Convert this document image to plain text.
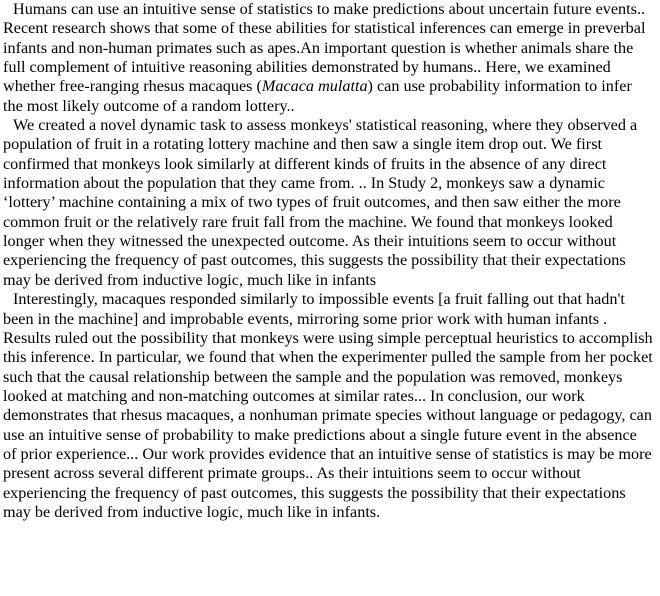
Humans can use an intuitive sense of statistics to make predictions about uncertain future events.. Recent research shows that some of these abilities for statistical inferences can emerge in preverbal infants and non-human primates such as apes.An important question is whether animals share the full complement of intuitive reasoning abilities demonstrated by humans.. Here, we examined whether free-ranging rhesus macaques (Macaca mulatta) can use probability information to infer the most likely outcome of a random lottery..

We created a novel dynamic task to assess monkeys' statistical reasoning, where they observed a population of fruit in a rotating lottery machine and then saw a single item drop out. We first confirmed that monkeys look similarly at different kinds of fruits in the absence of any direct information about the population that they came from. .. In Study 2, monkeys saw a dynamic ‘lottery’ machine containing a mix of two types of fruit outcomes, and then saw either the more common fruit or the relatively rare fruit fall from the machine. We found that monkeys looked longer when they witnessed the unexpected outcome. As their intuitions seem to occur without experiencing the frequency of past outcomes, this suggests the possibility that their expectations may be derived from inductive logic, much like in infants

Interestingly, macaques responded similarly to impossible events [a fruit falling out that hadn't been in the machine] and improbable events, mirroring some prior work with human infants . Results ruled out the possibility that monkeys were using simple perceptual heuristics to accomplish this inference. In particular, we found that when the experimenter pulled the sample from her pocket such that the causal relationship between the sample and the population was removed, monkeys looked at matching and non-matching outcomes at similar rates... In conclusion, our work demonstrates that rhesus macaques, a nonhuman primate species without language or pedagogy, can use an intuitive sense of probability to make predictions about a single future event in the absence of prior experience... Our work provides evidence that an intuitive sense of statistics is may be more present across several different primate groups.. As their intuitions seem to occur without experiencing the frequency of past outcomes, this suggests the possibility that their expectations may be derived from inductive logic, much like in infants.
